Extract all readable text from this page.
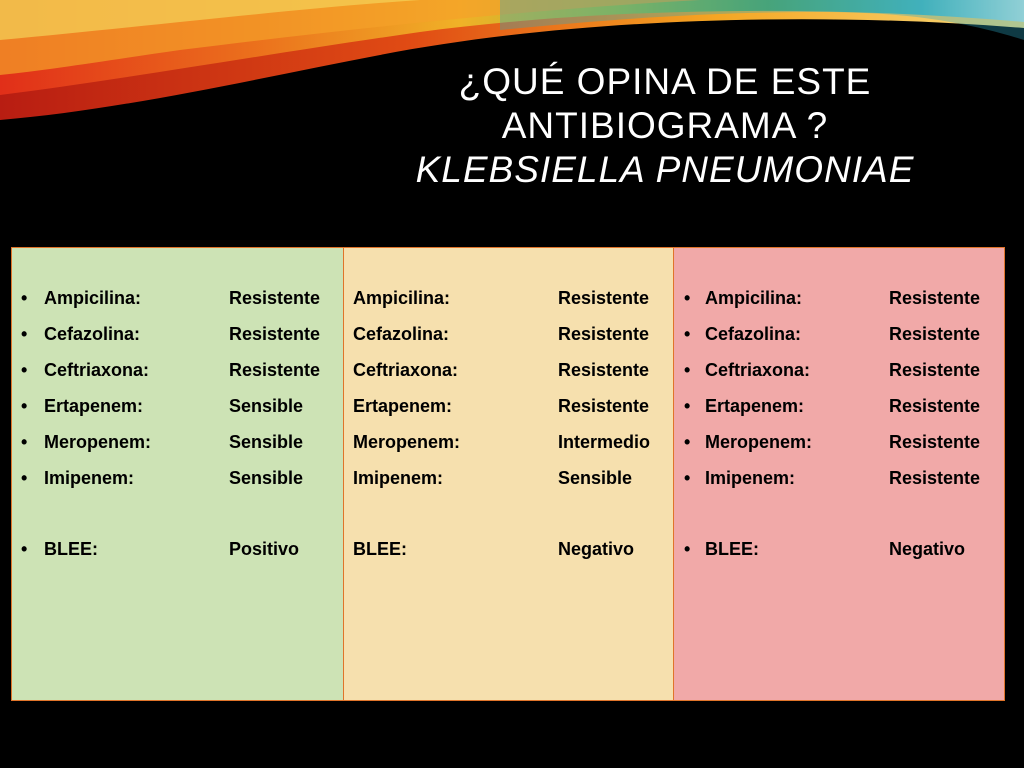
¿QUÉ OPINA DE ESTE
ANTIBIOGRAMA ?
KLEBSIELLA PNEUMONIAE
• Ampicilina:	Resistente
• Cefazolina:	Resistente
• Ceftriaxona:	Resistente
• Ertapenem:	Sensible
• Meropenem:	Sensible
• Imipenem:	Sensible
• BLEE:	Positivo
Ampicilina:	Resistente
Cefazolina:	Resistente
Ceftriaxona:	Resistente
Ertapenem:	Resistente
Meropenem:	Intermedio
Imipenem:	Sensible
BLEE:	Negativo
• Ampicilina:	Resistente
• Cefazolina:	Resistente
• Ceftriaxona:	Resistente
• Ertapenem:	Resistente
• Meropenem:	Resistente
• Imipenem:	Resistente
• BLEE:	Negativo
